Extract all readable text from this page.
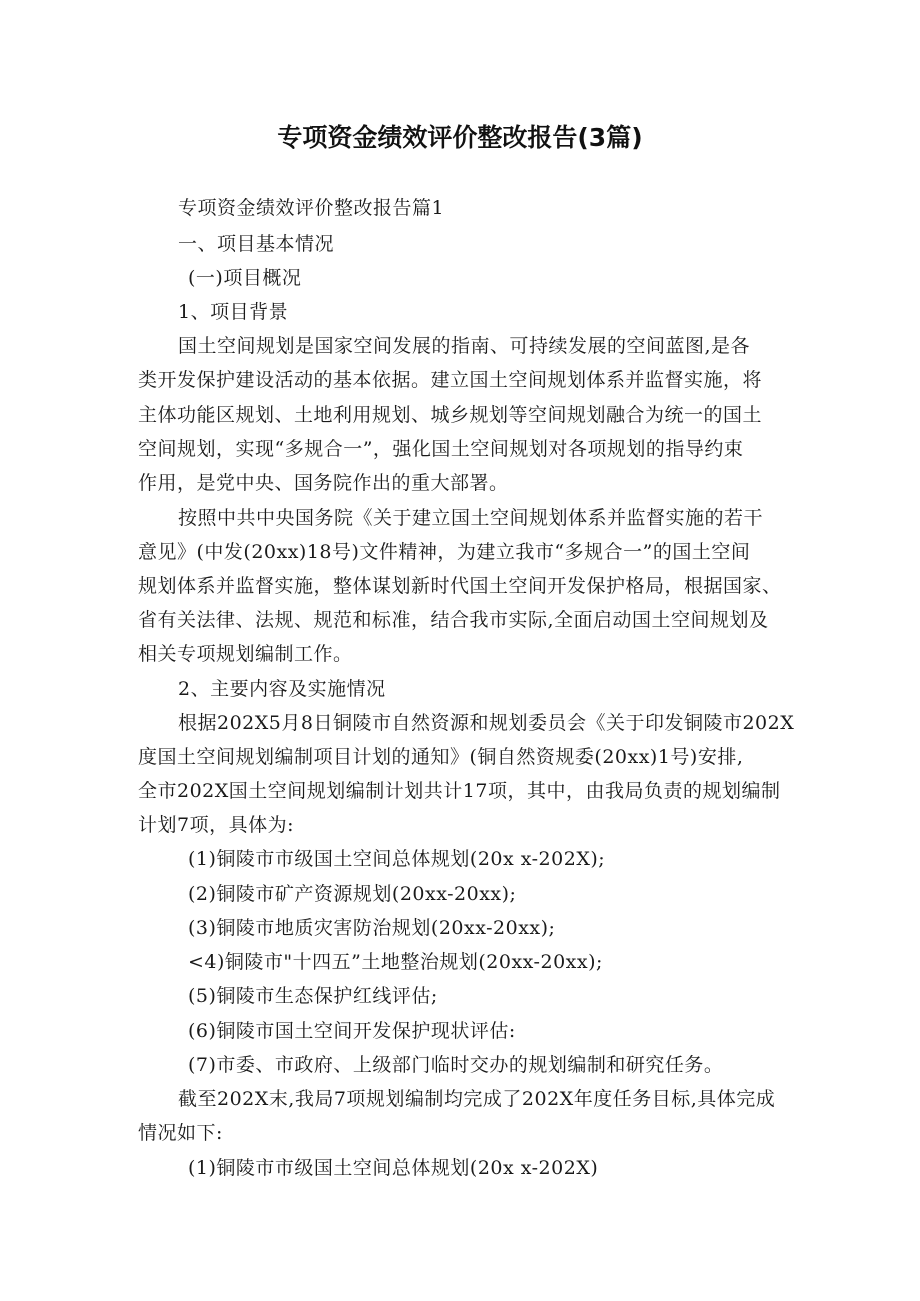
专项资金绩效评价整改报告(3篇)
专项资金绩效评价整改报告篇1
一、项目基本情况
(一)项目概况
1、项目背景
国土空间规划是国家空间发展的指南、可持续发展的空间蓝图,是各
类开发保护建设活动的基本依据。建立国土空间规划体系并监督实施，将
主体功能区规划、土地利用规划、城乡规划等空间规划融合为统一的国土
空间规划，实现“多规合一”，强化国土空间规划对各项规划的指导约束
作用，是党中央、国务院作出的重大部署。
按照中共中央国务院《关于建立国土空间规划体系并监督实施的若干
意见》(中发(20xx)18号)文件精神，为建立我市“多规合一”的国土空间
规划体系并监督实施，整体谋划新时代国土空间开发保护格局，根据国家、
省有关法律、法规、规范和标准，结合我市实际,全面启动国土空间规划及
相关专项规划编制工作。
2、主要内容及实施情况
根据202X5月8日铜陵市自然资源和规划委员会《关于印发铜陵市202X
度国土空间规划编制项目计划的通知》(铜自然资规委(20xx)1号)安排,
全市202X国土空间规划编制计划共计17项，其中，由我局负责的规划编制
计划7项，具体为:
(1)铜陵市市级国土空间总体规划(20x x-202X);
(2)铜陵市矿产资源规划(20xx-20xx);
(3)铜陵市地质灾害防治规划(20xx-20xx);
<4)铜陵市"十四五”土地整治规划(20xx-20xx);
(5)铜陵市生态保护红线评估;
(6)铜陵市国土空间开发保护现状评估:
(7)市委、市政府、上级部门临时交办的规划编制和研究任务。
截至202X末,我局7项规划编制均完成了202X年度任务目标,具体完成
情况如下:
(1)铜陵市市级国土空间总体规划(20x x-202X)
